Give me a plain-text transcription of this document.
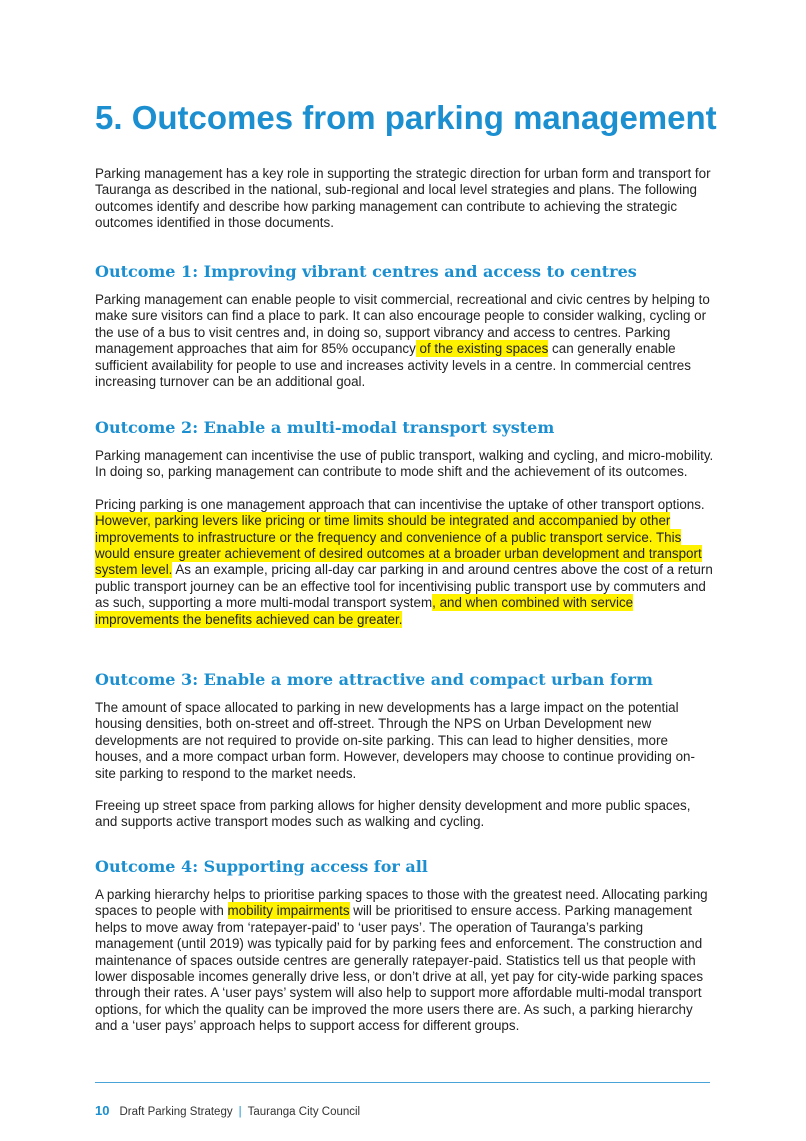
5. Outcomes from parking management

Parking management has a key role in supporting the strategic direction for urban form and transport for Tauranga as described in the national, sub-regional and local level strategies and plans. The following outcomes identify and describe how parking management can contribute to achieving the strategic outcomes identified in those documents.

Outcome 1: Improving vibrant centres and access to centres

Parking management can enable people to visit commercial, recreational and civic centres by helping to make sure visitors can find a place to park. It can also encourage people to consider walking, cycling or the use of a bus to visit centres and, in doing so, support vibrancy and access to centres. Parking management approaches that aim for 85% occupancy of the existing spaces can generally enable sufficient availability for people to use and increases activity levels in a centre. In commercial centres increasing turnover can be an additional goal.

Outcome 2: Enable a multi-modal transport system

Parking management can incentivise the use of public transport, walking and cycling, and micro-mobility. In doing so, parking management can contribute to mode shift and the achievement of its outcomes.

Pricing parking is one management approach that can incentivise the uptake of other transport options. However, parking levers like pricing or time limits should be integrated and accompanied by other improvements to infrastructure or the frequency and convenience of a public transport service. This would ensure greater achievement of desired outcomes at a broader urban development and transport system level. As an example, pricing all-day car parking in and around centres above the cost of a return public transport journey can be an effective tool for incentivising public transport use by commuters and as such, supporting a more multi-modal transport system, and when combined with service improvements the benefits achieved can be greater.

Outcome 3: Enable a more attractive and compact urban form

The amount of space allocated to parking in new developments has a large impact on the potential housing densities, both on-street and off-street. Through the NPS on Urban Development new developments are not required to provide on-site parking. This can lead to higher densities, more houses, and a more compact urban form. However, developers may choose to continue providing on-site parking to respond to the market needs.

Freeing up street space from parking allows for higher density development and more public spaces, and supports active transport modes such as walking and cycling.

Outcome 4: Supporting access for all

A parking hierarchy helps to prioritise parking spaces to those with the greatest need. Allocating parking spaces to people with mobility impairments will be prioritised to ensure access. Parking management helps to move away from ‘ratepayer-paid’ to ‘user pays’. The operation of Tauranga’s parking management (until 2019) was typically paid for by parking fees and enforcement. The construction and maintenance of spaces outside centres are generally ratepayer-paid. Statistics tell us that people with lower disposable incomes generally drive less, or don’t drive at all, yet pay for city-wide parking spaces through their rates. A ‘user pays’ system will also help to support more affordable multi-modal transport options, for which the quality can be improved the more users there are. As such, a parking hierarchy and a ‘user pays’ approach helps to support access for different groups.

10 Draft Parking Strategy | Tauranga City Council
